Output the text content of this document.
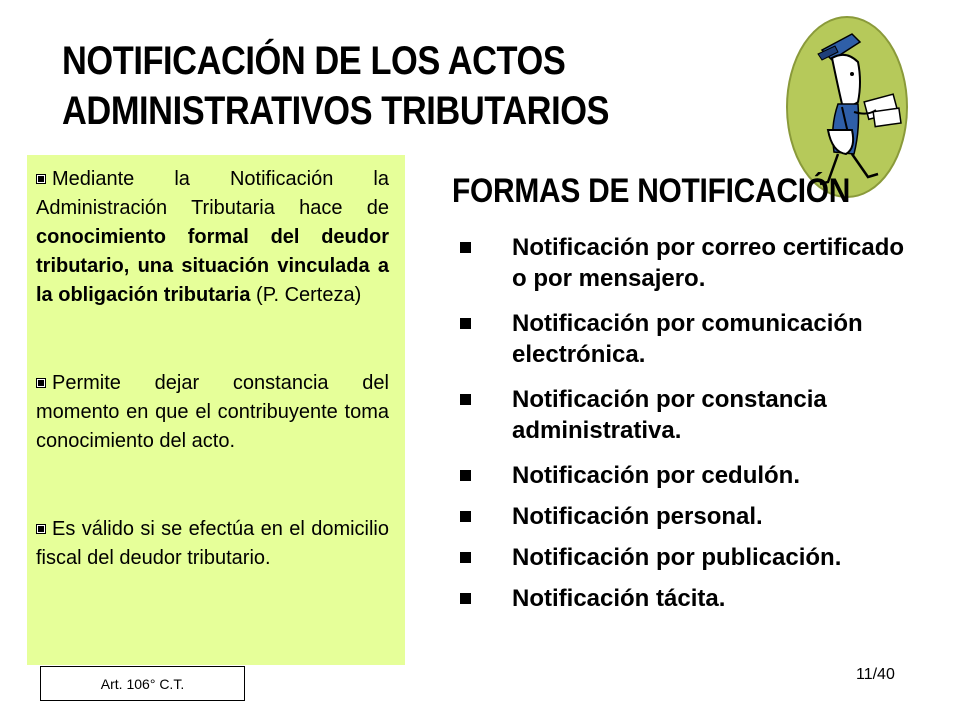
NOTIFICACIÓN DE LOS ACTOS
ADMINISTRATIVOS TRIBUTARIOS

Mediante la Notificación la Administración Tributaria hace de conocimiento formal del deudor tributario, una situación vinculada a la obligación tributaria (P. Certeza)

Permite dejar constancia del momento en que el contribuyente toma conocimiento del acto.

Es válido si se efectúa en el domicilio fiscal del deudor tributario.

Art. 106° C.T.
FORMAS DE NOTIFICACIÓN
Notificación por correo certificado o por mensajero.
Notificación por comunicación electrónica.
Notificación por constancia administrativa.
Notificación por cedulón.
Notificación personal.
Notificación por publicación.
Notificación tácita.
11/40
